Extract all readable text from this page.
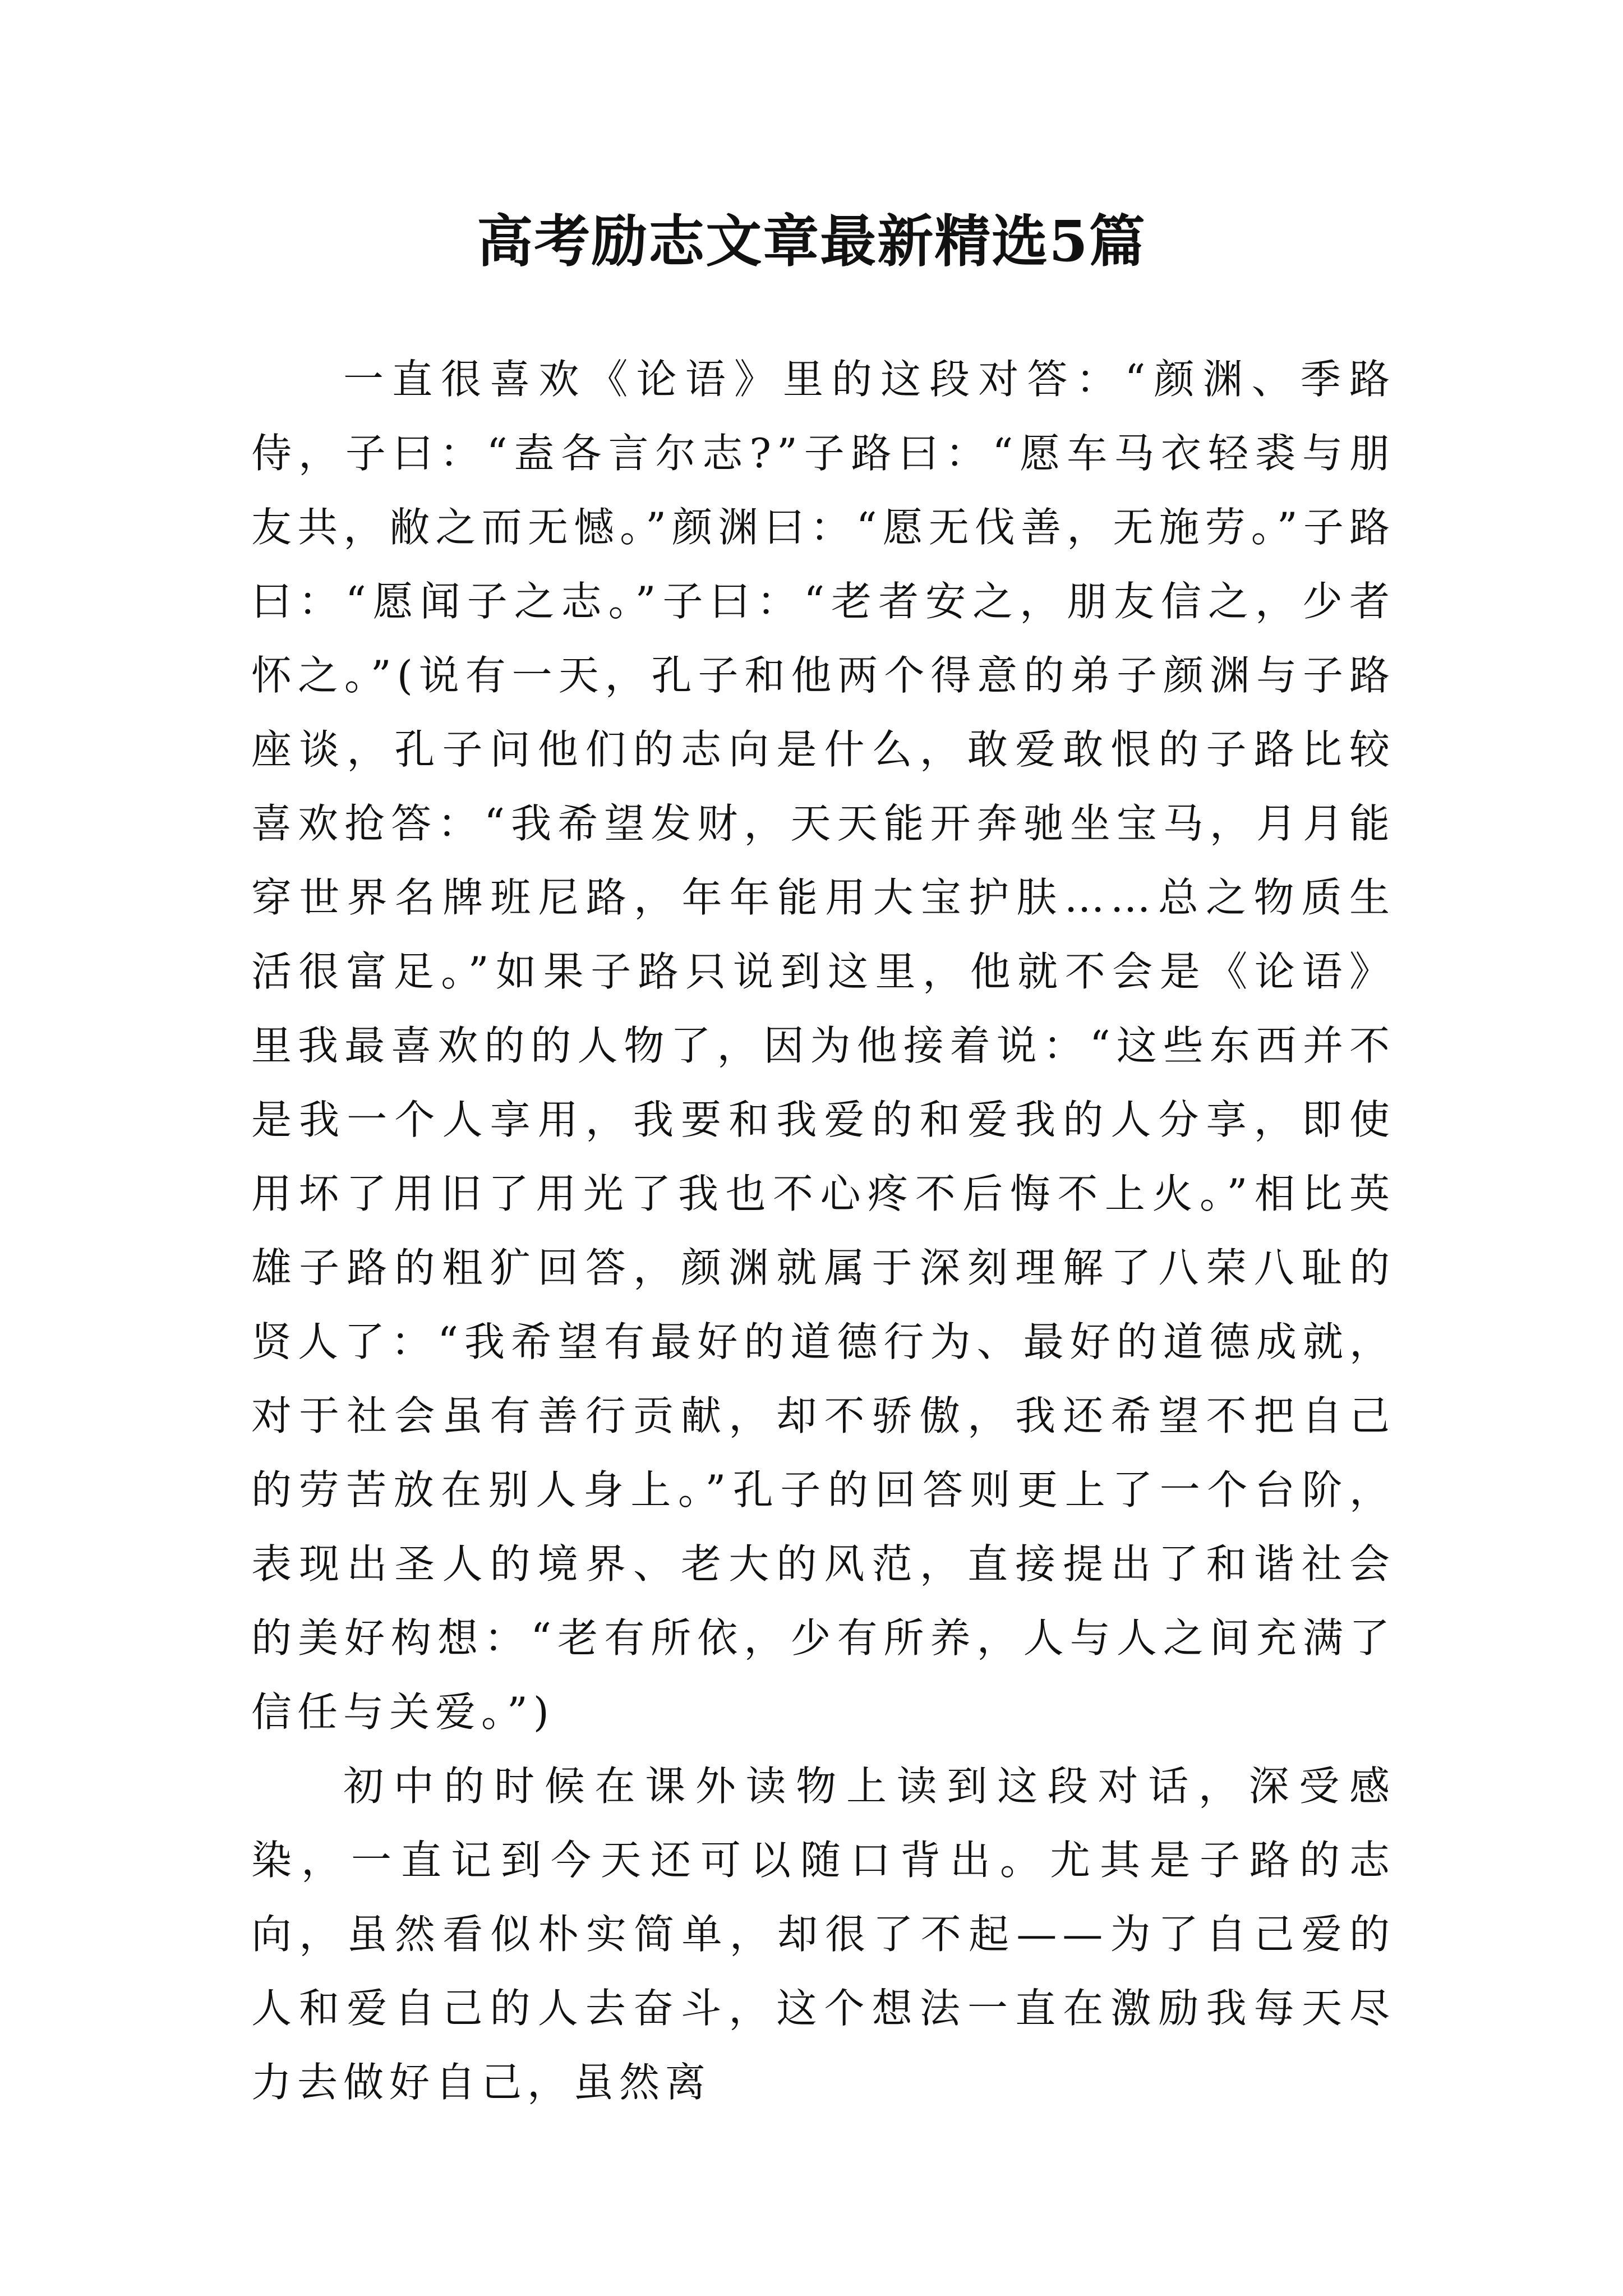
高考励志文章最新精选5篇

一直很喜欢《论语》里的这段对答：“颜渊、季路侍，子曰：“盍各言尔志?”子路曰：“愿车马衣轻裘与朋友共，敝之而无憾。”颜渊曰：“愿无伐善，无施劳。”子路曰：“愿闻子之志。”子曰：“老者安之，朋友信之，少者怀之。”(说有一天，孔子和他两个得意的弟子颜渊与子路座谈，孔子问他们的志向是什么，敢爱敢恨的子路比较喜欢抢答：“我希望发财，天天能开奔驰坐宝马，月月能穿世界名牌班尼路，年年能用大宝护肤……总之物质生活很富足。”如果子路只说到这里，他就不会是《论语》里我最喜欢的的人物了，因为他接着说：“这些东西并不是我一个人享用，我要和我爱的和爱我的人分享，即使用坏了用旧了用光了我也不心疼不后悔不上火。”相比英雄子路的粗犷回答，颜渊就属于深刻理解了八荣八耻的贤人了：“我希望有最好的道德行为、最好的道德成就，对于社会虽有善行贡献，却不骄傲，我还希望不把自己的劳苦放在别人身上。”孔子的回答则更上了一个台阶，表现出圣人的境界、老大的风范，直接提出了和谐社会的美好构想：“老有所依，少有所养，人与人之间充满了信任与关爱。”)

初中的时候在课外读物上读到这段对话，深受感染，一直记到今天还可以随口背出。尤其是子路的志向，虽然看似朴实简单，却很了不起——为了自己爱的人和爱自己的人去奋斗，这个想法一直在激励我每天尽力去做好自己，虽然离
